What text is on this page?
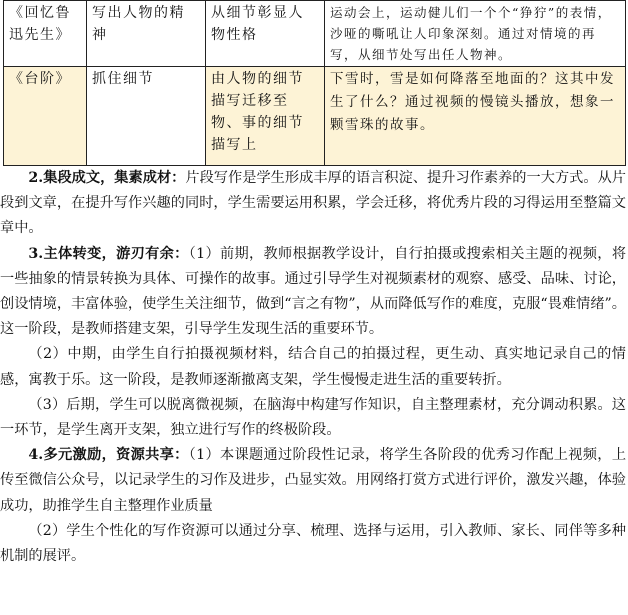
《回忆鲁迅先生》	写出人物的精神	从细节彰显人物性格	运动会上，运动健儿们一个个“狰狞”的表情，沙哑的嘶吼让人印象深刻。通过对情境的再写，从细节处写出任人物神。
《台阶》	抓住细节	由人物的细节描写迁移至物、事的细节描写上	下雪时，雪是如何降落至地面的？这其中发生了什么？通过视频的慢镜头播放，想象一颗雪珠的故事。

2.集段成文，集素成材：片段写作是学生形成丰厚的语言积淀、提升习作素养的一大方式。从片段到文章，在提升写作兴趣的同时，学生需要运用积累，学会迁移，将优秀片段的习得运用至整篇文章中。

3.主体转变，游刃有余：（1）前期，教师根据教学设计，自行拍摄或搜索相关主题的视频，将一些抽象的情景转换为具体、可操作的故事。通过引导学生对视频素材的观察、感受、品味、讨论，创设情境，丰富体验，使学生关注细节，做到“言之有物”，从而降低写作的难度，克服“畏难情绪”。这一阶段，是教师搭建支架，引导学生发现生活的重要环节。

（2）中期，由学生自行拍摄视频材料，结合自己的拍摄过程，更生动、真实地记录自己的情感，寓教于乐。这一阶段，是教师逐渐撤离支架，学生慢慢走进生活的重要转折。

（3）后期，学生可以脱离微视频，在脑海中构建写作知识，自主整理素材，充分调动积累。这一环节，是学生离开支架，独立进行写作的终极阶段。

4.多元激励，资源共享：（1）本课题通过阶段性记录，将学生各阶段的优秀习作配上视频，上传至微信公众号，以记录学生的习作及进步，凸显实效。用网络打赏方式进行评价，激发兴趣，体验成功，助推学生自主整理作业质量

（2）学生个性化的写作资源可以通过分享、梳理、选择与运用，引入教师、家长、同伴等多种机制的展评。
